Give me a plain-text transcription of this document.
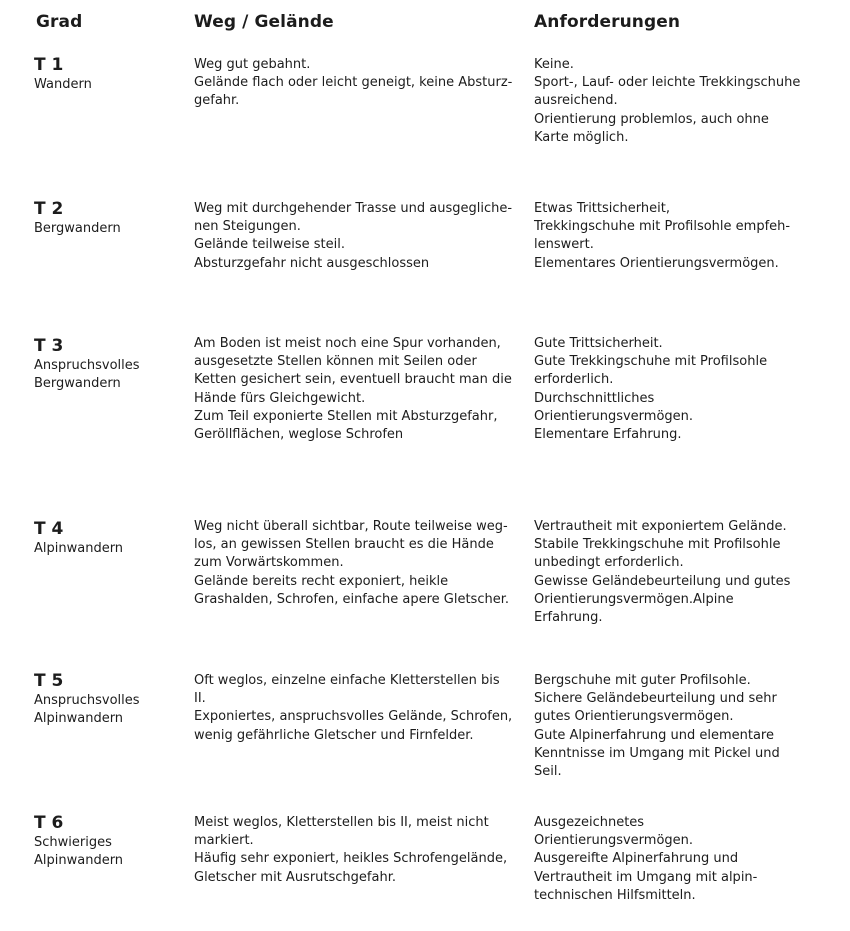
Grad	Weg / Gelände	Anforderungen
T 1
Wandern
Weg gut gebahnt.
Gelände flach oder leicht geneigt, keine Absturz-
gefahr.
Keine.
Sport-, Lauf- oder leichte Trekkingschuhe
ausreichend.
Orientierung problemlos, auch ohne
Karte möglich.
T 2
Bergwandern
Weg mit durchgehender Trasse und ausgegliche-
nen Steigungen.
Gelände teilweise steil.
Absturzgefahr nicht ausgeschlossen
Etwas Trittsicherheit,
Trekkingschuhe mit Profilsohle empfeh-
lenswert.
Elementares Orientierungsvermögen.
T 3
Anspruchsvolles
Bergwandern
Am Boden ist meist noch eine Spur vorhanden,
ausgesetzte Stellen können mit Seilen oder
Ketten gesichert sein, eventuell braucht man die
Hände fürs Gleichgewicht.
Zum Teil exponierte Stellen mit Absturzgefahr,
Geröllflächen, weglose Schrofen
Gute Trittsicherheit.
Gute Trekkingschuhe mit Profilsohle
erforderlich.
Durchschnittliches
Orientierungsvermögen.
Elementare Erfahrung.
T 4
Alpinwandern
Weg nicht überall sichtbar, Route teilweise weg-
los, an gewissen Stellen braucht es die Hände
zum Vorwärtskommen.
Gelände bereits recht exponiert, heikle
Grashalden, Schrofen, einfache apere Gletscher.
Vertrautheit mit exponiertem Gelände.
Stabile Trekkingschuhe mit Profilsohle
unbedingt erforderlich.
Gewisse Geländebeurteilung und gutes
Orientierungsvermögen.Alpine
Erfahrung.
T 5
Anspruchsvolles
Alpinwandern
Oft weglos, einzelne einfache Kletterstellen bis
II.
Exponiertes, anspruchsvolles Gelände, Schrofen,
wenig gefährliche Gletscher und Firnfelder.
Bergschuhe mit guter Profilsohle.
Sichere Geländebeurteilung und sehr
gutes Orientierungsvermögen.
Gute Alpinerfahrung und elementare
Kenntnisse im Umgang mit Pickel und
Seil.
T 6
Schwieriges
Alpinwandern
Meist weglos, Kletterstellen bis II, meist nicht
markiert.
Häufig sehr exponiert, heikles Schrofengelände,
Gletscher mit Ausrutschgefahr.
Ausgezeichnetes
Orientierungsvermögen.
Ausgereifte Alpinerfahrung und
Vertrautheit im Umgang mit alpin-
technischen Hilfsmitteln.
